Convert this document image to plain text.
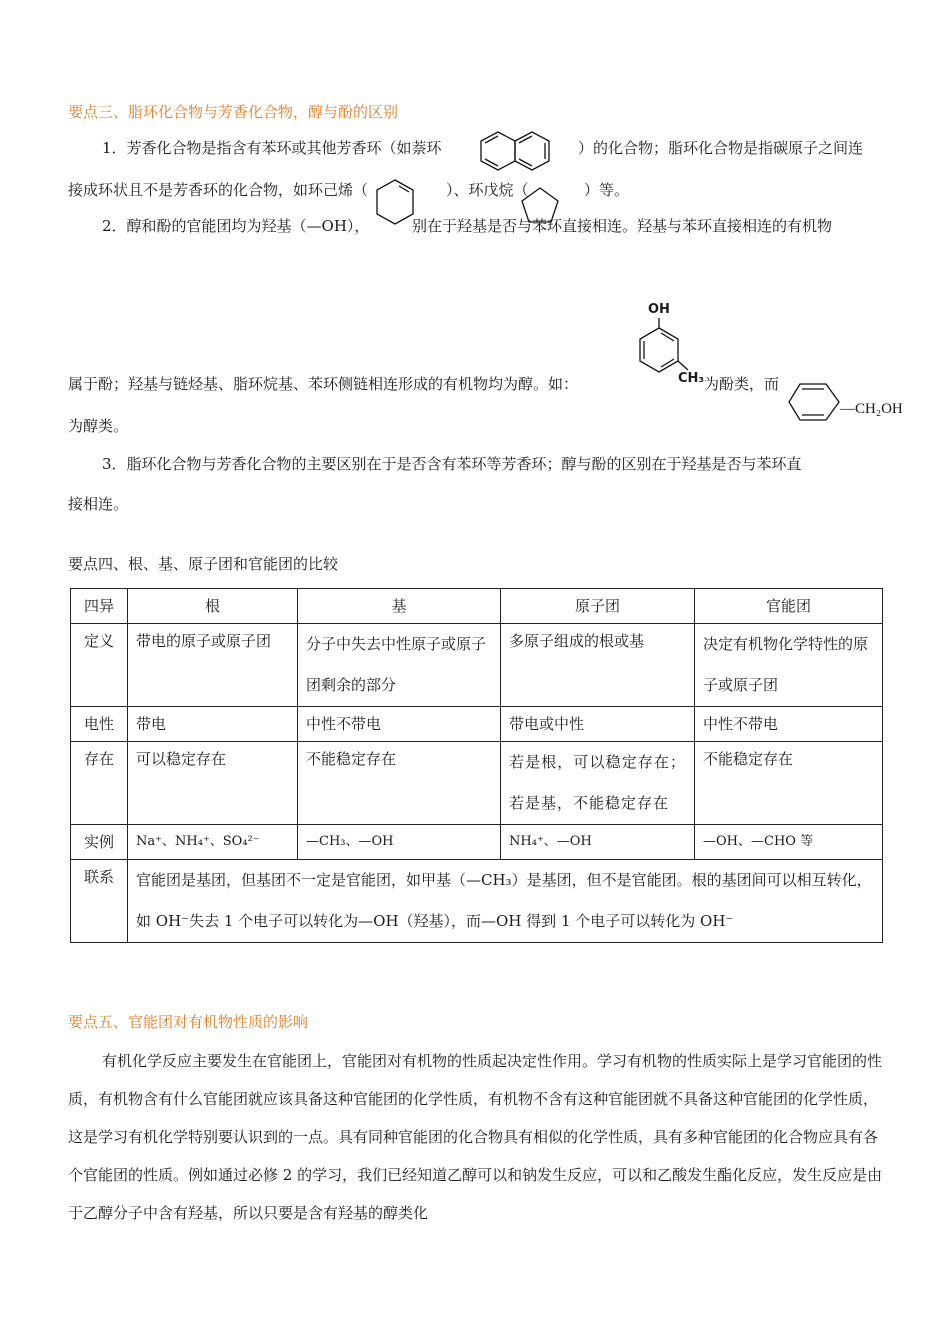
要点三、脂环化合物与芳香化合物，醇与酚的区别
1．芳香化合物是指含有苯环或其他芳香环（如萘环	）的化合物；脂环化合物是指碳原子之间连
接成环状且不是芳香环的化合物，如环己烯（	）、环戊烷（	）等。
2．醇和酚的官能团均为羟基（—OH），	别在于羟基是否与苯环直接相连。羟基与苯环直接相连的有机物
OH
CH₃
属于酚；羟基与链烃基、脂环烷基、苯环侧链相连形成的有机物均为醇。如：	为酚类，而
—CH₂OH
为醇类。
3．脂环化合物与芳香化合物的主要区别在于是否含有苯环等芳香环；醇与酚的区别在于羟基是否与苯环直
接相连。
要点四、根、基、原子团和官能团的比较
四异	根	基	原子团	官能团
定义	带电的原子或原子团	分子中失去中性原子或原子团剩余的部分	多原子组成的根或基	决定有机物化学特性的原子或原子团
电性	带电	中性不带电	带电或中性	中性不带电
存在	可以稳定存在	不能稳定存在	若是根，可以稳定存在；若是基，不能稳定存在	不能稳定存在
实例	Na⁺、NH₄⁺、SO₄²⁻	—CH₃、—OH	NH₄⁺、—OH	—OH、—CHO 等
联系	官能团是基团，但基团不一定是官能团，如甲基（—CH₃）是基团，但不是官能团。根的基团间可以相互转化，如 OH⁻失去 1 个电子可以转化为—OH（羟基），而—OH 得到 1 个电子可以转化为 OH⁻			
要点五、官能团对有机物性质的影响
有机化学反应主要发生在官能团上，官能团对有机物的性质起决定性作用。学习有机物的性质实际上是学习官能团的性质，有机物含有什么官能团就应该具备这种官能团的化学性质，有机物不含有这种官能团就不具备这种官能团的化学性质，这是学习有机化学特别要认识到的一点。具有同种官能团的化合物具有相似的化学性质，具有多种官能团的化合物应具有各个官能团的性质。例如通过必修 2 的学习，我们已经知道乙醇可以和钠发生反应，可以和乙酸发生酯化反应，发生反应是由于乙醇分子中含有羟基，所以只要是含有羟基的醇类化
